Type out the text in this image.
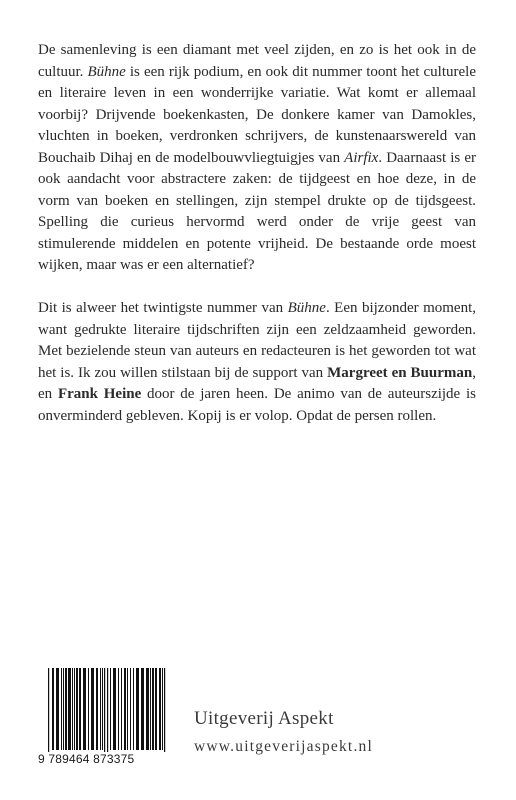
De samenleving is een diamant met veel zijden, en zo is het ook in de cultuur. Bühne is een rijk podium, en ook dit nummer toont het culturele en literaire leven in een wonderrijke variatie. Wat komt er allemaal voorbij? Drijvende boekenkasten, De donkere kamer van Damokles, vluchten in boeken, verdronken schrijvers, de kunstenaarswereld van Bouchaib Dihaj en de modelbouwvliegtuigjes van Airfix. Daarnaast is er ook aandacht voor abstractere zaken: de tijdgeest en hoe deze, in de vorm van boeken en stellingen, zijn stempel drukte op de tijdsgeest. Spelling die curieus hervormd werd onder de vrije geest van stimulerende middelen en potente vrijheid. De bestaande orde moest wijken, maar was er een alternatief?

Dit is alweer het twintigste nummer van Bühne. Een bijzonder moment, want gedrukte literaire tijdschriften zijn een zeldzaamheid geworden. Met bezielende steun van auteurs en redacteuren is het geworden tot wat het is. Ik zou willen stilstaan bij de support van Margreet en Buurman, en Frank Heine door de jaren heen. De animo van de auteurszijde is onverminderd gebleven. Kopij is er volop. Opdat de persen rollen.

9 789464 873375
Uitgeverij Aspekt
www.uitgeverijaspekt.nl
